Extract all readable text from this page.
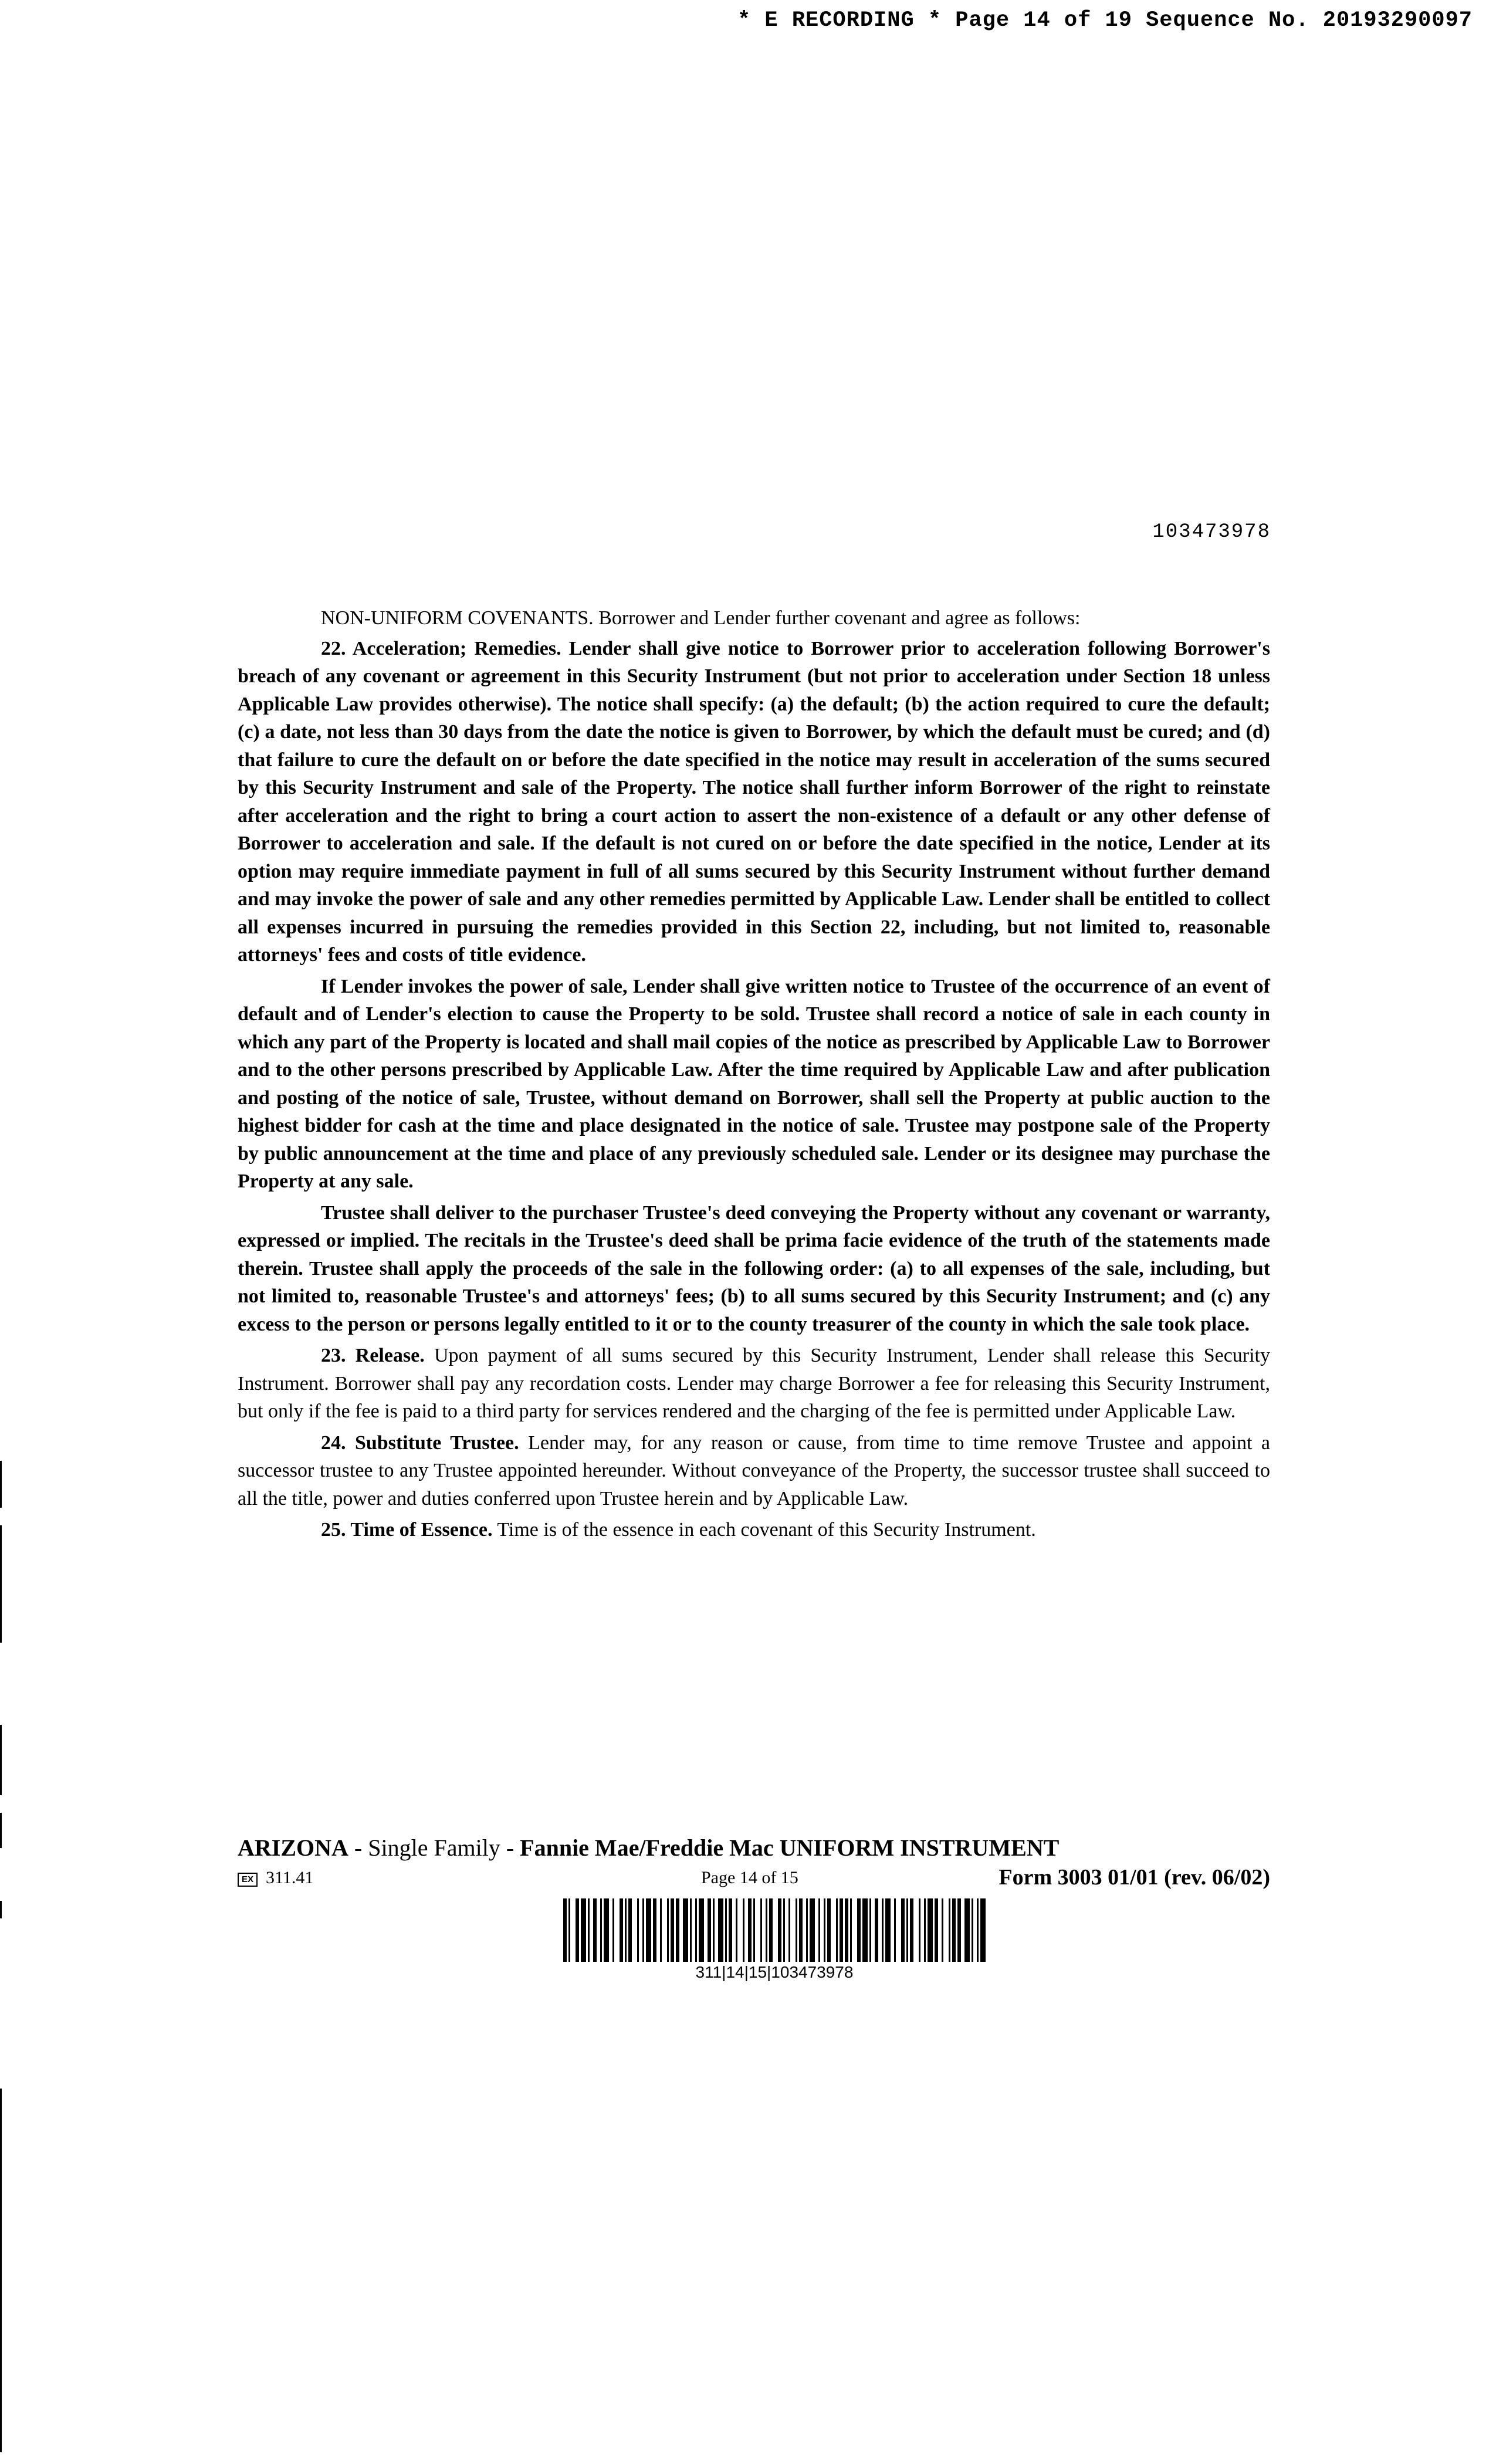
* E RECORDING * Page 14 of 19 Sequence No. 20193290097
103473978

NON-UNIFORM COVENANTS. Borrower and Lender further covenant and agree as follows:

22. Acceleration; Remedies. Lender shall give notice to Borrower prior to acceleration following Borrower's breach of any covenant or agreement in this Security Instrument (but not prior to acceleration under Section 18 unless Applicable Law provides otherwise). The notice shall specify: (a) the default; (b) the action required to cure the default; (c) a date, not less than 30 days from the date the notice is given to Borrower, by which the default must be cured; and (d) that failure to cure the default on or before the date specified in the notice may result in acceleration of the sums secured by this Security Instrument and sale of the Property. The notice shall further inform Borrower of the right to reinstate after acceleration and the right to bring a court action to assert the non-existence of a default or any other defense of Borrower to acceleration and sale. If the default is not cured on or before the date specified in the notice, Lender at its option may require immediate payment in full of all sums secured by this Security Instrument without further demand and may invoke the power of sale and any other remedies permitted by Applicable Law. Lender shall be entitled to collect all expenses incurred in pursuing the remedies provided in this Section 22, including, but not limited to, reasonable attorneys' fees and costs of title evidence.

If Lender invokes the power of sale, Lender shall give written notice to Trustee of the occurrence of an event of default and of Lender's election to cause the Property to be sold. Trustee shall record a notice of sale in each county in which any part of the Property is located and shall mail copies of the notice as prescribed by Applicable Law to Borrower and to the other persons prescribed by Applicable Law. After the time required by Applicable Law and after publication and posting of the notice of sale, Trustee, without demand on Borrower, shall sell the Property at public auction to the highest bidder for cash at the time and place designated in the notice of sale. Trustee may postpone sale of the Property by public announcement at the time and place of any previously scheduled sale. Lender or its designee may purchase the Property at any sale.

Trustee shall deliver to the purchaser Trustee's deed conveying the Property without any covenant or warranty, expressed or implied. The recitals in the Trustee's deed shall be prima facie evidence of the truth of the statements made therein. Trustee shall apply the proceeds of the sale in the following order: (a) to all expenses of the sale, including, but not limited to, reasonable Trustee's and attorneys' fees; (b) to all sums secured by this Security Instrument; and (c) any excess to the person or persons legally entitled to it or to the county treasurer of the county in which the sale took place.

23. Release. Upon payment of all sums secured by this Security Instrument, Lender shall release this Security Instrument. Borrower shall pay any recordation costs. Lender may charge Borrower a fee for releasing this Security Instrument, but only if the fee is paid to a third party for services rendered and the charging of the fee is permitted under Applicable Law.

24. Substitute Trustee. Lender may, for any reason or cause, from time to time remove Trustee and appoint a successor trustee to any Trustee appointed hereunder. Without conveyance of the Property, the successor trustee shall succeed to all the title, power and duties conferred upon Trustee herein and by Applicable Law.

25. Time of Essence. Time is of the essence in each covenant of this Security Instrument.

ARIZONA - Single Family - Fannie Mae/Freddie Mac UNIFORM INSTRUMENT
EX 311.41	Page 14 of 15	Form 3003 01/01 (rev. 06/02)
311|14|15|103473978
